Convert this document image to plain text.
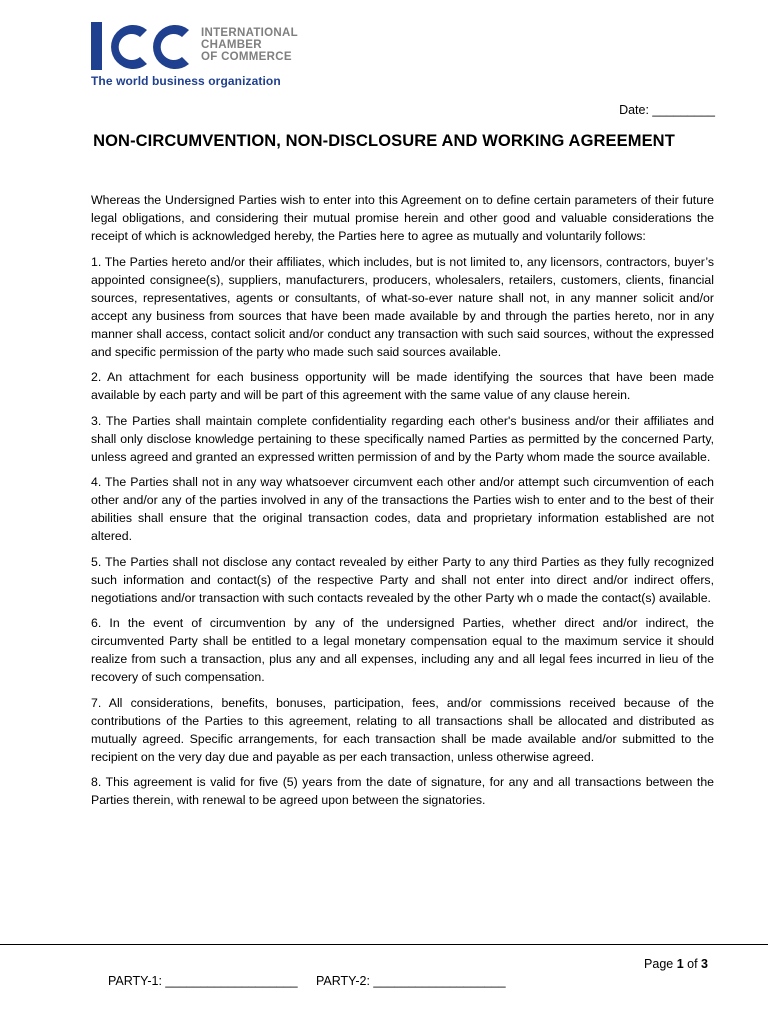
INTERNATIONAL
CHAMBER
OF COMMERCE
The world business organization
Date: _________
NON-CIRCUMVENTION, NON-DISCLOSURE AND WORKING AGREEMENT

Whereas the Undersigned Parties wish to enter into this Agreement on to define certain parameters of their future legal obligations, and considering their mutual promise herein and other good and valuable considerations the receipt of which is acknowledged hereby, the Parties here to agree as mutually and voluntarily follows:

1. The Parties hereto and/or their affiliates, which includes, but is not limited to, any licensors, contractors, buyer’s appointed consignee(s), suppliers, manufacturers, producers, wholesalers, retailers, customers, clients, financial sources, representatives, agents or consultants, of what-so-ever nature shall not, in any manner solicit and/or accept any business from sources that have been made available by and through the parties hereto, nor in any manner shall access, contact solicit and/or conduct any transaction with such said sources, without the expressed and specific permission of the party who made such said sources available.

2. An attachment for each business opportunity will be made identifying the sources that have been made available by each party and will be part of this agreement with the same value of any clause herein.

3. The Parties shall maintain complete confidentiality regarding each other's business and/or their affiliates and shall only disclose knowledge pertaining to these specifically named Parties as permitted by the concerned Party, unless agreed and granted an expressed written permission of and by the Party whom made the source available.

4. The Parties shall not in any way whatsoever circumvent each other and/or attempt such circumvention of each other and/or any of the parties involved in any of the transactions the Parties wish to enter and to the best of their abilities shall ensure that the original transaction codes, data and proprietary information established are not altered.

5. The Parties shall not disclose any contact revealed by either Party to any third Parties as they fully recognized such information and contact(s) of the respective Party and shall not enter into direct and/or indirect offers, negotiations and/or transaction with such contacts revealed by the other Party wh o made the contact(s) available.

6. In the event of circumvention by any of the undersigned Parties, whether direct and/or indirect, the circumvented Party shall be entitled to a legal monetary compensation equal to the maximum service it should realize from such a transaction, plus any and all expenses, including any and all legal fees incurred in lieu of the recovery of such compensation.

7. All considerations, benefits, bonuses, participation, fees, and/or commissions received because of the contributions of the Parties to this agreement, relating to all transactions shall be allocated and distributed as mutually agreed. Specific arrangements, for each transaction shall be made available and/or submitted to the recipient on the very day due and payable as per each transaction, unless otherwise agreed.

8. This agreement is valid for five (5) years from the date of signature, for any and all transactions between the Parties therein, with renewal to be agreed upon between the signatories.

Page 1 of 3
PARTY-1: ___________________ PARTY-2: ___________________
